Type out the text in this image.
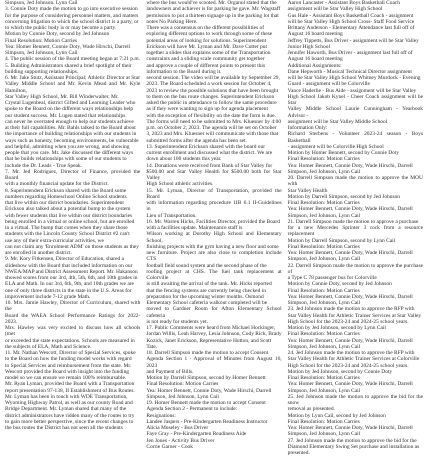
Simpson, Jed Johnson. Lynn Cail

3. Connie Doty made the motion to go into executive session

for the purpose of considering personnel matters, and matters

concerning litigation to which the school district is a party, or

to which the public body is or may become a party.

Motion by Connie Doty, second by Jed Johnson

Final Resolution: Motion Carries

Yea: Homer Bennett, Connie Doty, Wade Hirschi, Darrell

Simpson, Jed Johnson, Lynn Cail

4. The public session of the Board meeting began at 7:21 p.m.

5. Building Administrators shared a brief spotlight of their

building supporting relationships.

6. Mr. Jake Stutz, Assistant Principal; Athletic Director at Star

Valley Middle School and Mr. Kevin Mead and Mr. Kyle Hamilton,

Star Valley High School, Mr. Bill Winderwalter, Mr.

Crystal Lugenbeal, district Gifted and Learning Leader who

spoke to the Board on the different ways relationships help

our student success. Mr. Lugen stated that relationships

can never be overrated enough to help our students achieve

at their full capabilities. Mr. Bahls talked to the Board about

the importance of building relationships with our students in

ways such as honesty, becoming environments, be vulnerable

and helpful, admitting when you are wrong, and showing

people that you care. Mr. Jake discussed the different ways

that he builds relationships with some of our students to

include the Dr. Leads - True Speak.

7. Mr. Jed Rodriguez, Director of Finance, provided the Board

with a monthly financial update for the District.

8. Superintendent Erickson shared with the Board some

numbers regarding Homeschool Online School students

that live within our district boundaries. Superintendent

Erickson also talked about a potential bump to the system

with fewer students that live within our district boundaries

being enrolled in a virtual or online school, but are enrolled

in a virtual. The bump that comes when they share those

students with the Lincoln County School District #2 can't

use any of their extra-curricular activities, we

can not claim any 'Enrolment ADM' on those students as they

are enrolled in another district.

9. Mr. Kory Fitkensen, Director of Education, shared a

slideshow with the Board that included information on our

NWEA/MAP and District Assessment Report. Mr. Hakanson

showed scores from our 3rd, 4th, 5th, 6th, and 10th grades in

ELA and Math. In our 3rd, 6th, 9th, and 10th grades we are

one of only three districts in the state in the U.S. Areas for

improvement include 7-12 grade Math.

10. Mrs. Jamie Hawley, Director of Curriculum, shared with the

Board the WAEA School Performance Ratings for 2022-2023.

Mrs. Hawley was very excited to discuss how all schools (met

or exceeded the state expectations. Schools are measured in

the subjects of ELA, Math and Science.

11. Mr. Nathan Wescott, Director of Special Services, spoke

to the Board on how the funding model works with regard

to Special Services and reimbursement from the state. Mr.

Wescott provided the Board with insight into the funding

model so we can ensure we remain 100% reimbursable.

Mr. Ryan Lyman, provided the Board with a Transportation

report presentation 97-138, II Establishment of Bus Routes.

Mr. Lyman has been in touch with WDE Transportation,

Wyoming Highway Patrol, as well as our county Road and

Bridge Department. Mr. Lyman shared that many of the

district administrators have ridden many of the routes to try

to gain more better perspective, since the recent changes to

the bus routes the District has not seen all the students

where the bus would've scooted. Mr. Organol stated that the

landowners and achiever is for parking he gave. Mr. Wagstaff

permission to put a thirteen signage up in the parking lot that

notes No Parking Here.

There was a consensus on the different possibilities of

exploring different options to work through some of these

potential areas of looking for solutions. Superintendent

Erickson will have Mr. Lyman and Mr. Dave Cutter put

together a slides that explains some of the Transportation

constraints and a sliding scale community get together

and approve a couple of different points to present this

information to the Board during it.

second session. The video will be available by September 29,

2023. The Board scheduled a work session for October 4,

2023 to review the possible solutions that have been brought

to them on the bus route changes. Superintendent Erickson

asked the public in attendance to follow the same procedure

as if they were wanting to sign up for agenda placement

with the exception of flexibility on the date the form is due.

The forms will need to be submitted to Mrs. Kluesner by 4:00

p.m. on October 2, 2023. The agenda will be set on October

3, 2023 and Mrs. Kluesner will communicate with those that

submitted forms after the agenda has been set.

13. Superintendent Erickson shared with the board our

current enrollment and discussed what the district. We are

down about 100 students this year.

14. Donations were received from Bank of Star Valley for

$500.00 and Star Valley Health for $500.00 both for Star Valley

High School athletic activities.

15. Mr. Lyman, Director of Transportation, provided the Board

with information regarding procedure 1IB 6.1 II-Guidelines in

Lieu of Transportation.

16. Mr. Warren Hicks, Facilities Director, provided the Board

with a facilities update. Maintenance staff is

Wilson working at Dorothy High School and Elementary School,

finishing projects with the gym having a new floor and some

new furniture. Project are also close to completion include CTS

football field sound system and the second phase of the

roofing project at CHS. The fuel tank replacement at Colorville

is still awaiting the arrival of the tank. Mr. Hicks reported

that the fencing systems are currently being checked in

preparation for the upcoming winter months. Osmond

Elementary School cafeteria walkout completed will be

moved to Gardner Room for Afton Elementary School cafeteria

is not ready for students yet.

17. Public Comments were heard from Michael Hockinger,

Jordan Willis, Leah Harvey, Lesia Johnson, Cody Rick, Brady

Kozick, Janet Erickson, Representative Hutton, and Scott

Tate.

18. Darrell Simpson made the motion to accept Consent

Agenda Section 1 - Approval of Minutes from August 16, 2023

and Payment of Bills.

Motion by Darrell Simpson, second by Homer Bennett

Final Resolution: Motion Carries

Yea: Homer Bennett, Connie Doty, Wade Hirschi, Darrell

Simpson, Jed Johnson, Lynn Cail

19. Homer Bennett made the motion to accept Consent

Agenda Section 2 - Permanent to include:

Resignations:

Landee Jaspers - Pre-Kindergarten Readiness Instructor

Alicia Moseley - Bus Driver

Faye Gray - Pre-Kindergarten Readiness Aide

Jen Jones - Activity Bus Driver

Corrie Garner - Cook

Aaron Lancaster - Assistant Boys Basketball Coach

assignment will be Star Valley High School

Gus Hale - Assistant Boys Basketball Coach - assignment

will be Star Valley High School Cross- Staff Food Service

Brittany Anderson - Elementary Attendance last full off of

August 16 board meeting

Jeffrey Tippetts, Bus Driver - assignment will be Star Valley

Junior High School

Jennifer Haworth, Bus Driver - assignment last full off of

August 16 board meeting

Additional Assignments:

Dane Hepworth - Musical Technical Director assignment

will be Star Valley High School Whitney Murdock - Evening

Guard - assignment will be Colorville

Vance Haderlie - Bus Aide - assignment will be Star Valley

High School Jakob Kynel - Cheer Coach assignment will be Star

Valley Middle School Laurie Cunningham - Yearbook Advisor -

assignment will be Star Valley Middle School

Information Only:

Richard Sterbens - Volunteer 2023-24 season - Boys Basketball

- assignment will be Colorville High School

Motion by Homer Bennett, second by Connie Doty

Final Resolution: Motion Carries

Yea: Homer Bennett, Connie Doty, Wade Hirschi, Darrell

Simpson, Jed Johnson, Lynn Cail

20. Darrell Simpson made the motion to approve the MOU with

Star Valley Health

Motion by Darrell Simpson, second by Jed Johnson

Final Resolution: Motion Carries

Yea: Homer Bennett, Connie Doty, Wade Hirschi, Darrell

Simpson, Jed Johnson, Lynn Cail

21. Darrell Simpson made the motion to approve a purchase

for a new Mercedes Sprinter 3 rock from a resource replacement

Motion by Darrell Simpson, second by Lynn Cail

Final Resolution: Motion Carries

Yea: Homer Bennett, Connie Doty, Wade Hirschi, Darrell

Simpson, Jed Johnson, Lynn Cail

22. Darrell Simpson made the motion to approve the purchase of

a Type C 78 passenger bus for Colorville

Motion by Connie Doty, second by Jed Johnson

Final Resolution: Motion Carries

Yea: Homer Bennett, Connie Doty, Wade Hirschi, Darrell

Simpson, Jed Johnson, Lynn Cail

23. Jed Johnson made the motion to approve the RFP with

Star Valley Health for Athletic Trainer Services at Star Valley

High School for the 2023-24 and 2024-25 school years.

Motion by Jed Johnson, second by Lynn Cail

Final Resolution: Motion Carries

Yea: Homer Bennett, Connie Doty, Wade Hirschi, Darrell

Simpson, Jed Johnson, Lynn Cail

24. Jed Johnson made the motion to approve the RFP with

Star Valley Health for Athletic Trainer Services at Colorville

High School for the 2023-24 and 2024-25 school years.

Motion by Jed Johnson, second by Connie Doty

Final Resolution: Motion Carries

Yea: Homer Bennett, Connie Doty, Wade Hirschi, Darrell

Simpson, Jed Johnson, Lynn Cail

25. Jed Johnson made the motion to approve the bid for the snow

removal as presented.

Motion by Lynn Cail, second by Jed Johnson

Final Resolution: Motion Carries

Yea: Homer Bennett, Connie Doty, Wade Hirschi, Darrell

Simpson, Jed Johnson, Lynn Cail

27. Jed Johnson made the motion to approve the bid for the

Diamond Elementary Swing Set purchase and installation as

presented.
